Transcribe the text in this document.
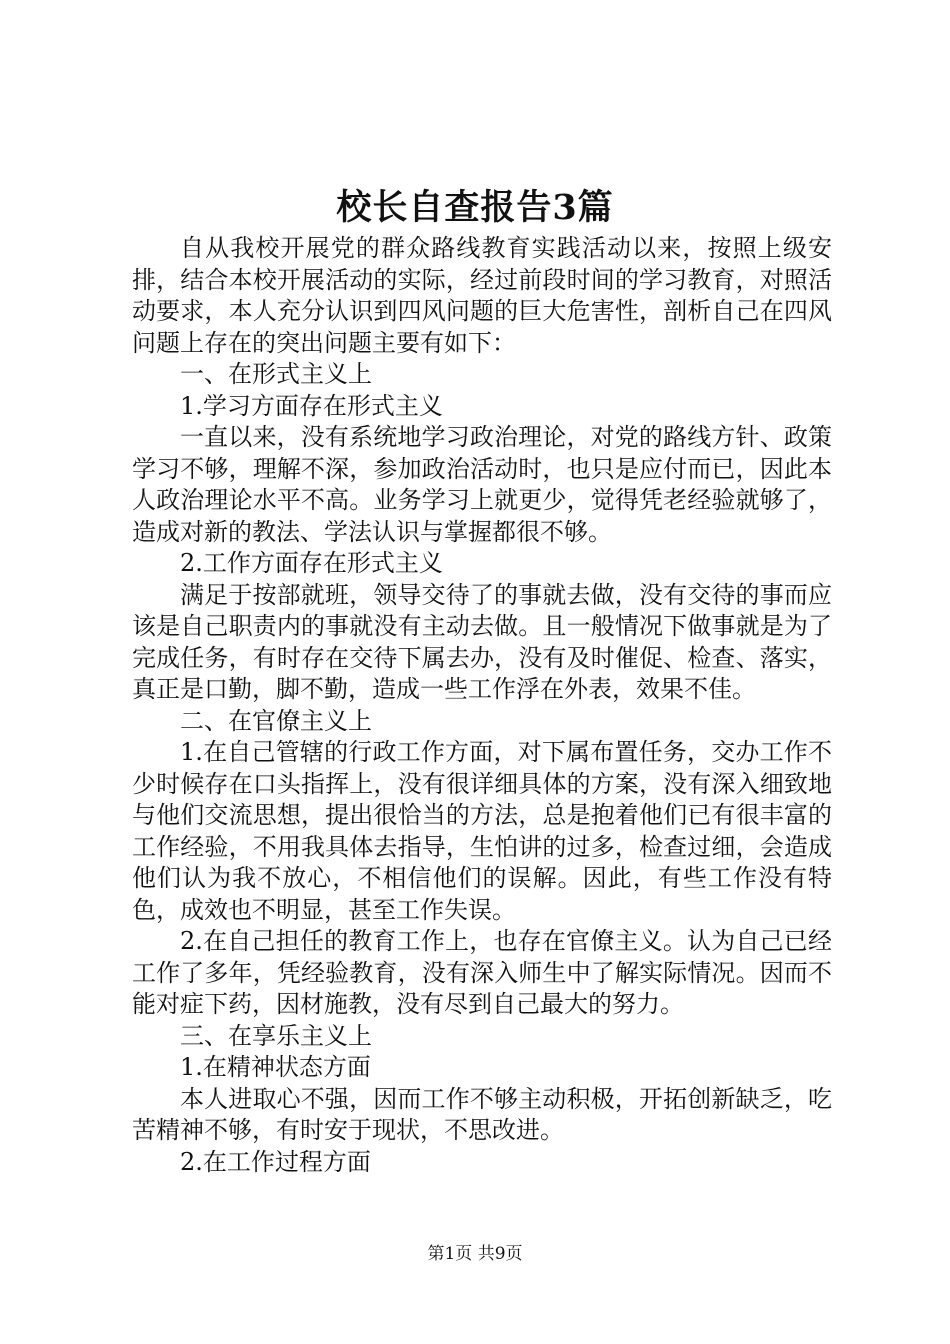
校长自查报告3篇

自从我校开展党的群众路线教育实践活动以来，按照上级安排，结合本校开展活动的实际，经过前段时间的学习教育，对照活动要求，本人充分认识到四风问题的巨大危害性，剖析自己在四风问题上存在的突出问题主要有如下：

一、在形式主义上

1.学习方面存在形式主义

一直以来，没有系统地学习政治理论，对党的路线方针、政策学习不够，理解不深，参加政治活动时，也只是应付而已，因此本人政治理论水平不高。业务学习上就更少，觉得凭老经验就够了，造成对新的教法、学法认识与掌握都很不够。

2.工作方面存在形式主义

满足于按部就班，领导交待了的事就去做，没有交待的事而应该是自己职责内的事就没有主动去做。且一般情况下做事就是为了完成任务，有时存在交待下属去办，没有及时催促、检查、落实，真正是口勤，脚不勤，造成一些工作浮在外表，效果不佳。

二、在官僚主义上

1.在自己管辖的行政工作方面，对下属布置任务，交办工作不少时候存在口头指挥上，没有很详细具体的方案，没有深入细致地与他们交流思想，提出很恰当的方法，总是抱着他们已有很丰富的工作经验，不用我具体去指导，生怕讲的过多，检查过细，会造成他们认为我不放心，不相信他们的误解。因此，有些工作没有特色，成效也不明显，甚至工作失误。

2.在自己担任的教育工作上，也存在官僚主义。认为自己已经工作了多年，凭经验教育，没有深入师生中了解实际情况。因而不能对症下药，因材施教，没有尽到自己最大的努力。

三、在享乐主义上

1.在精神状态方面

本人进取心不强，因而工作不够主动积极，开拓创新缺乏，吃苦精神不够，有时安于现状，不思改进。

2.在工作过程方面

第1页 共9页
